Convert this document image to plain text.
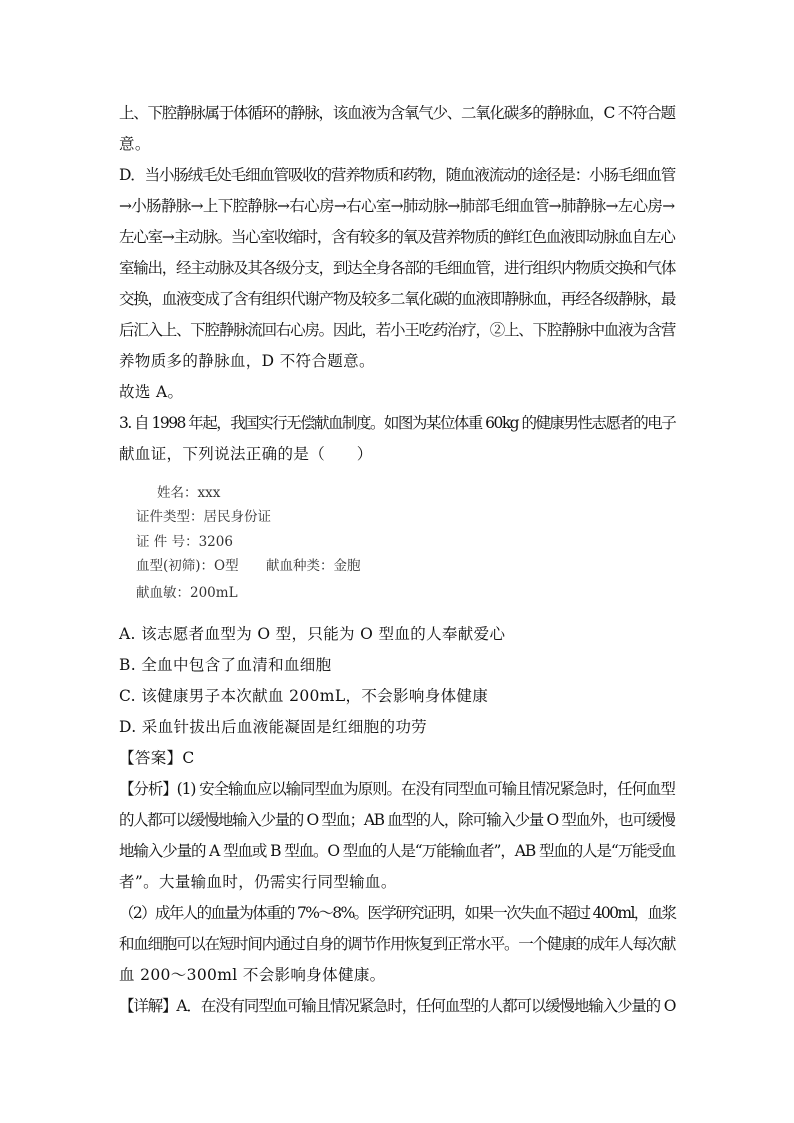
上、下腔静脉属于体循环的静脉，该血液为含氧气少、二氧化碳多的静脉血，C 不符合题
意。
D．当小肠绒毛处毛细血管吸收的营养物质和药物，随血液流动的途径是：小肠毛细血管
→小肠静脉→上下腔静脉→右心房→右心室→肺动脉→肺部毛细血管→肺静脉→左心房→
左心室→主动脉。当心室收缩时，含有较多的氧及营养物质的鲜红色血液即动脉血自左心
室输出，经主动脉及其各级分支，到达全身各部的毛细血管，进行组织内物质交换和气体
交换，血液变成了含有组织代谢产物及较多二氧化碳的血液即静脉血，再经各级静脉，最
后汇入上、下腔静脉流回右心房。因此，若小王吃药治疗，②上、下腔静脉中血液为含营
养物质多的静脉血，D 不符合题意。
故选 A。
3. 自 1998 年起，我国实行无偿献血制度。如图为某位体重 60kg 的健康男性志愿者的电子
献血证，下列说法正确的是（　　）
姓名：xxx
证件类型：居民身份证
证 件 号：3206
血型(初筛)：O型 献血种类：金胞
献血敏：200mL
A. 该志愿者血型为 O 型，只能为 O 型血的人奉献爱心
B. 全血中包含了血清和血细胞
C. 该健康男子本次献血 200mL，不会影响身体健康
D. 采血针拔出后血液能凝固是红细胞的功劳
【答案】C
【分析】(1) 安全输血应以输同型血为原则。在没有同型血可输且情况紧急时，任何血型
的人都可以缓慢地输入少量的 O 型血；AB 血型的人，除可输入少量 O 型血外，也可缓慢
地输入少量的 A 型血或 B 型血。O 型血的人是“万能输血者”，AB 型血的人是“万能受血
者”。大量输血时，仍需实行同型输血。
（2）成年人的血量为体重的 7%～8%。医学研究证明，如果一次失血不超过 400ml，血浆
和血细胞可以在短时间内通过自身的调节作用恢复到正常水平。一个健康的成年人每次献
血 200～300ml 不会影响身体健康。
【详解】A．在没有同型血可输且情况紧急时，任何血型的人都可以缓慢地输入少量的 O
